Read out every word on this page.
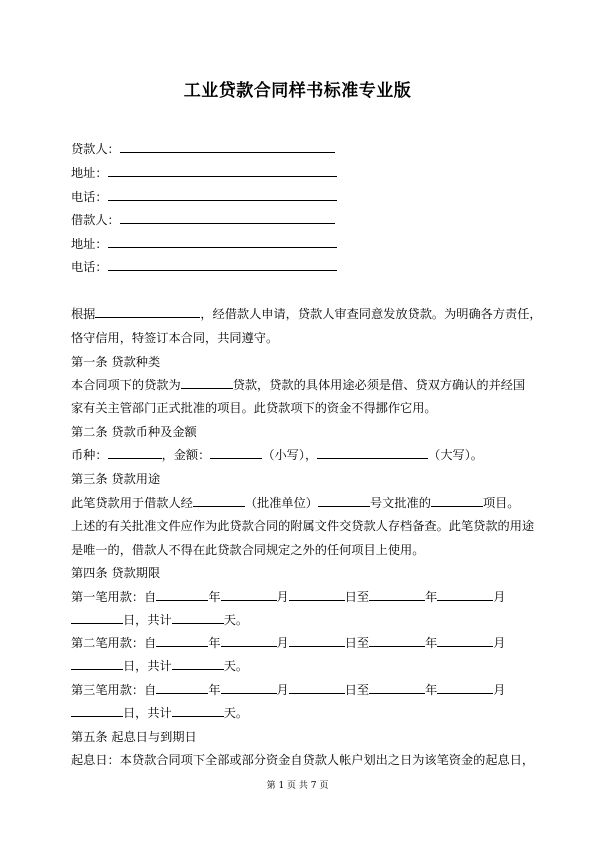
工业贷款合同样书标准专业版
贷款人：
地址：
电话：
借款人：
地址：
电话：
根据	，经借款人申请，贷款人审查同意发放贷款。为明确各方责任，
恪守信用，特签订本合同，共同遵守。
第一条 贷款种类
本合同项下的贷款为	贷款，贷款的具体用途必须是借、贷双方确认的并经国
家有关主管部门正式批准的项目。此贷款项下的资金不得挪作它用。
第二条 贷款币种及金额
币种：	，金额：	（小写），	（大写）。
第三条 贷款用途
此笔贷款用于借款人经	（批准单位）	号文批准的	项目。
上述的有关批准文件应作为此贷款合同的附属文件交贷款人存档备查。此笔贷款的用途
是唯一的，借款人不得在此贷款合同规定之外的任何项目上使用。
第四条 贷款期限
第一笔用款：自	年	月	日至	年	月
日，共计	天。
第二笔用款：自	年	月	日至	年	月
日，共计	天。
第三笔用款：自	年	月	日至	年	月
日，共计	天。
第五条 起息日与到期日
起息日：本贷款合同项下全部或部分资金自贷款人帐户划出之日为该笔资金的起息日，
第 1 页 共 7 页
